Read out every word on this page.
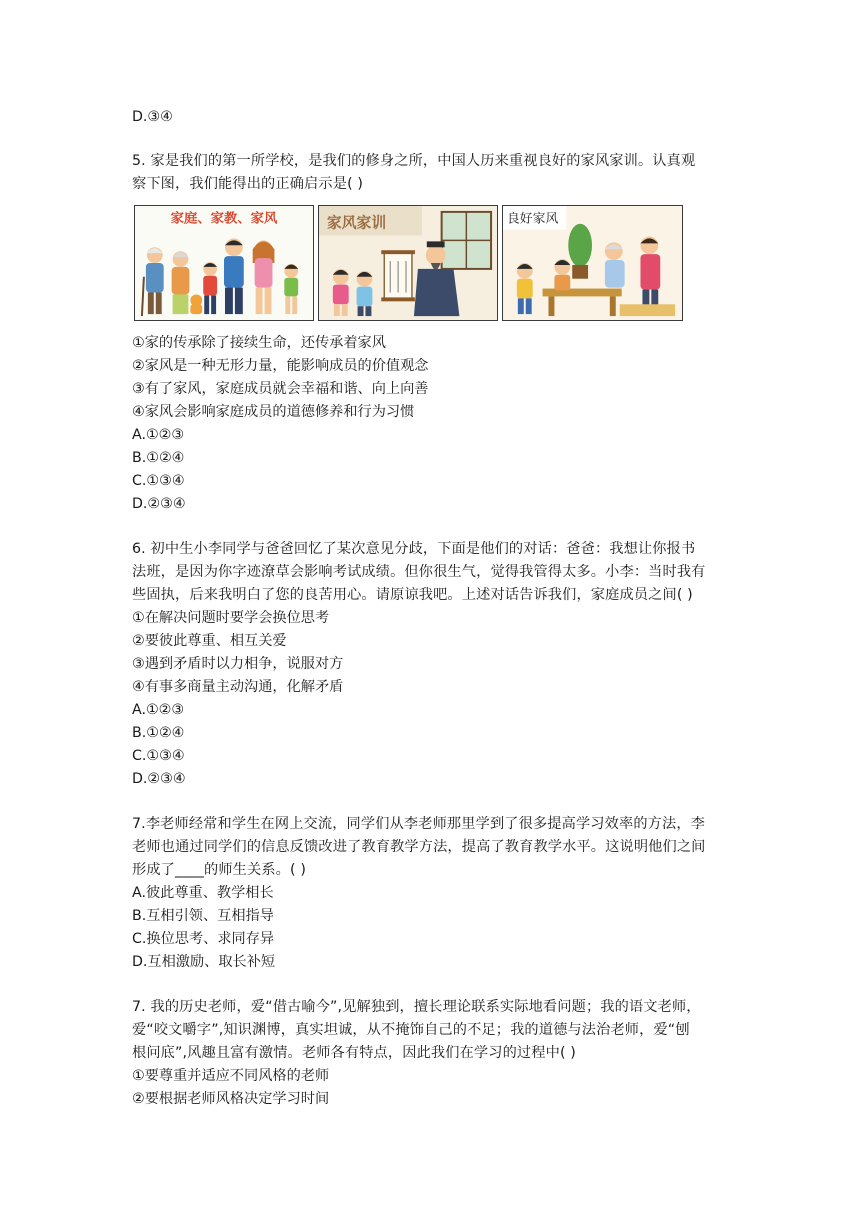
D.③④

5. 家是我们的第一所学校，是我们的修身之所，中国人历来重视良好的家风家训。认真观

察下图，我们能得出的正确启示是( )

家庭、家教、家风	家风家训	良好家风

①家的传承除了接续生命，还传承着家风

②家风是一种无形力量，能影响成员的价值观念

③有了家风，家庭成员就会幸福和谐、向上向善

④家风会影响家庭成员的道德修养和行为习惯

A.①②③

B.①②④

C.①③④

D.②③④

6. 初中生小李同学与爸爸回忆了某次意见分歧，下面是他们的对话：爸爸：我想让你报书

法班，是因为你字迹潦草会影响考试成绩。但你很生气，觉得我管得太多。小李：当时我有

些固执，后来我明白了您的良苦用心。请原谅我吧。上述对话告诉我们，家庭成员之间( )

①在解决问题时要学会换位思考

②要彼此尊重、相互关爱

③遇到矛盾时以力相争，说服对方

④有事多商量主动沟通，化解矛盾

A.①②③

B.①②④

C.①③④

D.②③④

7.李老师经常和学生在网上交流，同学们从李老师那里学到了很多提高学习效率的方法，李

老师也通过同学们的信息反馈改进了教育教学方法，提高了教育教学水平。这说明他们之间

形成了____的师生关系。( )

A.彼此尊重、教学相长

B.互相引领、互相指导

C.换位思考、求同存异

D.互相激励、取长补短

7. 我的历史老师，爱“借古喻今”,见解独到，擅长理论联系实际地看问题；我的语文老师，

爱“咬文嚼字”,知识渊博，真实坦诚，从不掩饰自己的不足；我的道德与法治老师，爱“刨

根问底”,风趣且富有激情。老师各有特点，因此我们在学习的过程中( )

①要尊重并适应不同风格的老师

②要根据老师风格决定学习时间
